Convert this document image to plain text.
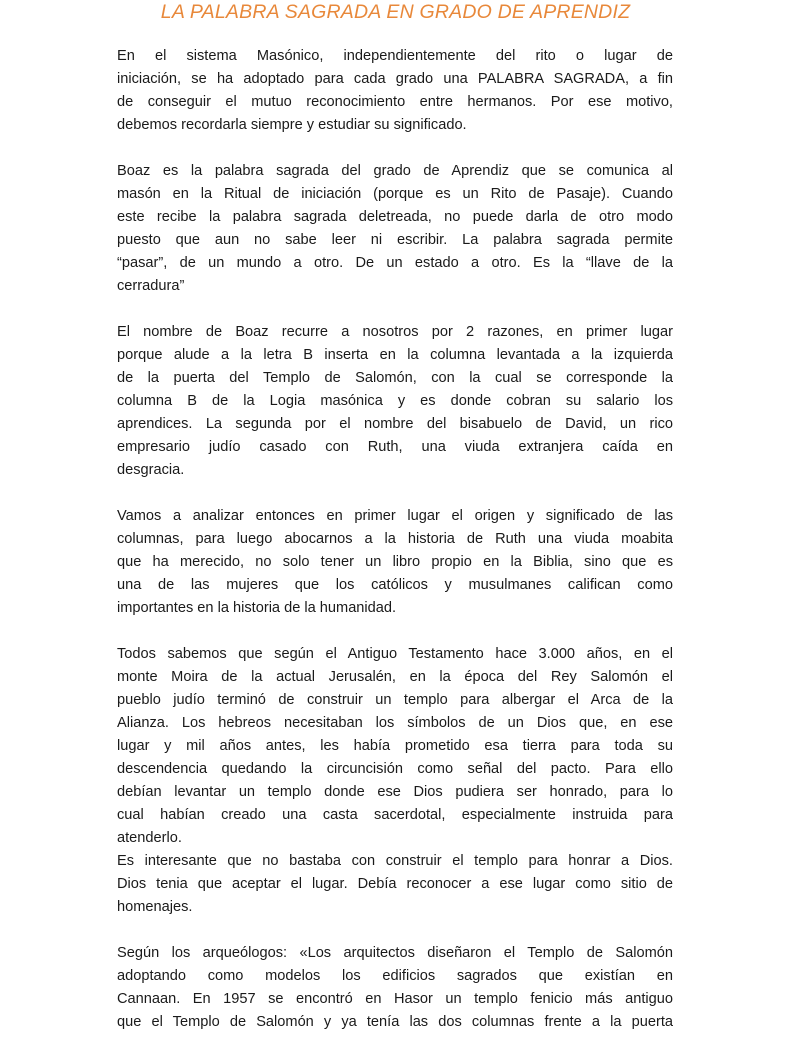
LA PALABRA SAGRADA EN GRADO DE APRENDIZ
En el sistema Masónico, independientemente del rito o lugar de
iniciación, se ha adoptado para cada grado una PALABRA SAGRADA, a fin
de conseguir el mutuo reconocimiento entre hermanos. Por ese motivo,
debemos recordarla siempre y estudiar su significado.
Boaz es la palabra sagrada del grado de Aprendiz que se comunica al
masón en la Ritual de iniciación (porque es un Rito de Pasaje). Cuando
este recibe la palabra sagrada deletreada, no puede darla de otro modo
puesto que aun no sabe leer ni escribir. La palabra sagrada permite
“pasar”, de un mundo a otro. De un estado a otro. Es la “llave de la
cerradura”
El nombre de Boaz recurre a nosotros por 2 razones, en primer lugar
porque alude a la letra B inserta en la columna levantada a la izquierda
de la puerta del Templo de Salomón, con la cual se corresponde la
columna B de la Logia masónica y es donde cobran su salario los
aprendices. La segunda por el nombre del bisabuelo de David, un rico
empresario judío casado con Ruth, una viuda extranjera caída en
desgracia.
Vamos a analizar entonces en primer lugar el origen y significado de las
columnas, para luego abocarnos a la historia de Ruth una viuda moabita
que ha merecido, no solo tener un libro propio en la Biblia, sino que es
una de las mujeres que los católicos y musulmanes califican como
importantes en la historia de la humanidad.
Todos sabemos que según el Antiguo Testamento hace 3.000 años, en el
monte Moira de la actual Jerusalén, en la época del Rey Salomón el
pueblo judío terminó de construir un templo para albergar el Arca de la
Alianza. Los hebreos necesitaban los símbolos de un Dios que, en ese
lugar y mil años antes, les había prometido esa tierra para toda su
descendencia quedando la circuncisión como señal del pacto. Para ello
debían levantar un templo donde ese Dios pudiera ser honrado, para lo
cual habían creado una casta sacerdotal, especialmente instruida para
atenderlo.
Es interesante que no bastaba con construir el templo para honrar a Dios.
Dios tenia que aceptar el lugar. Debía reconocer a ese lugar como sitio de
homenajes.
Según los arqueólogos: «Los arquitectos diseñaron el Templo de Salomón
adoptando como modelos los edificios sagrados que existían en
Cannaan. En 1957 se encontró en Hasor un templo fenicio más antiguo
que el Templo de Salomón y ya tenía las dos columnas frente a la puerta
